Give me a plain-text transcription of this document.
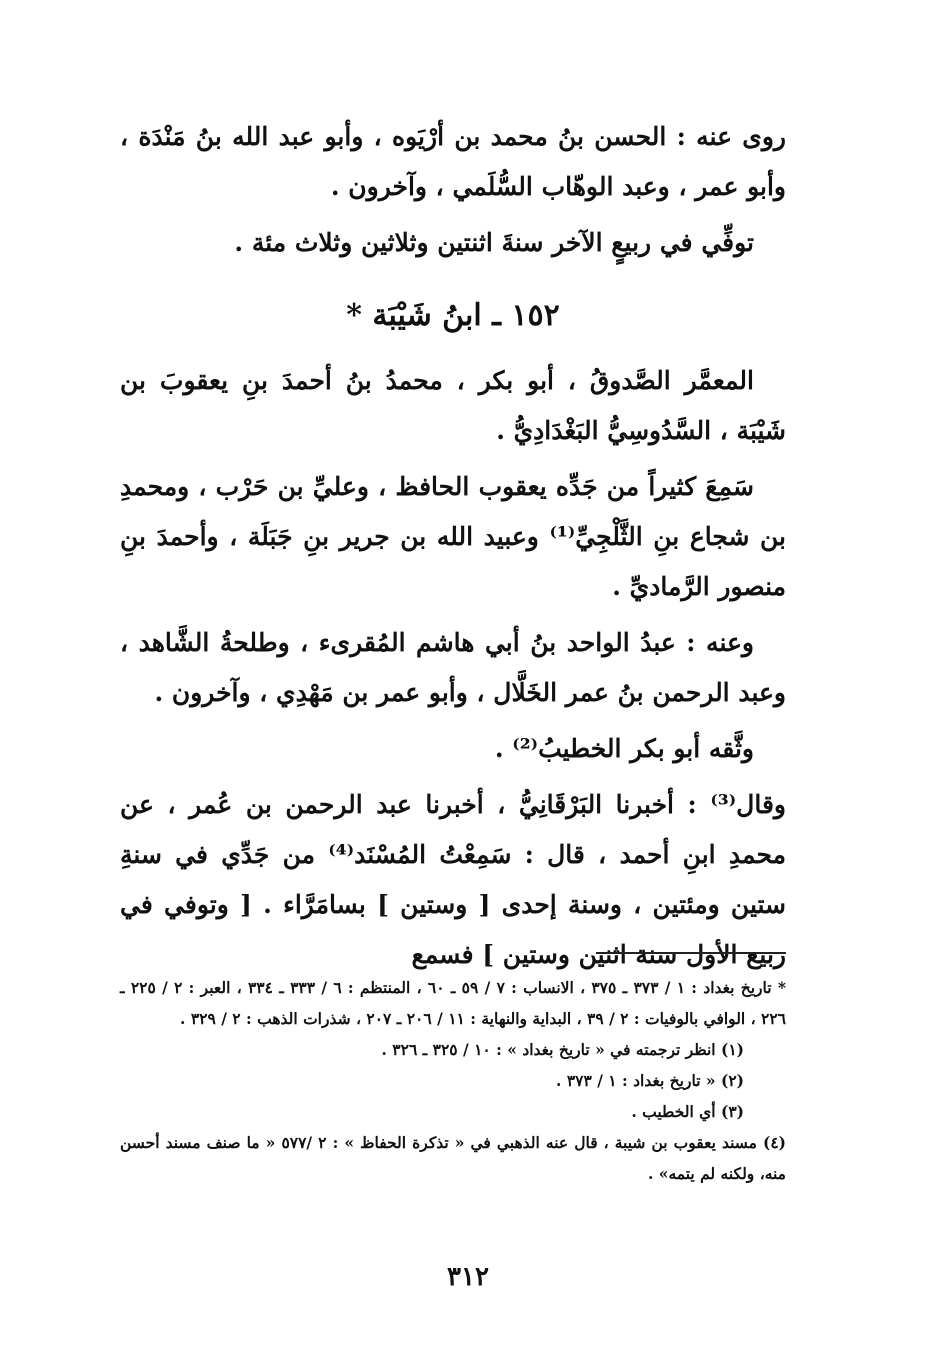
روى عنه : الحسن بنُ محمد بن أرْيَوه ، وأبو عبد الله بنُ مَنْدَة ، وأبو عمر ، وعبد الوهّاب السُّلَمي ، وآخرون .

توفِّي في ربيعٍ الآخر سنةَ اثنتين وثلاثين وثلاث مئة .

١٥٢ ـ ابنُ شَيْبَة *

المعمَّر الصَّدوقُ ، أبو بكر ، محمدُ بنُ أحمدَ بنِ يعقوبَ بن شَيْبَة ، السَّدُوسِيُّ البَغْدَادِيُّ .

سَمِعَ كثيراً من جَدِّه يعقوب الحافظ ، وعليِّ بن حَرْب ، ومحمدِ بن شجاع بنِ الثَّلْجِيِّ⁽¹⁾ وعبيد الله بن جرير بنِ جَبَلَة ، وأحمدَ بنِ منصور الرَّماديِّ .

وعنه : عبدُ الواحد بنُ أبي هاشم المُقرىء ، وطلحةُ الشَّاهد ، وعبد الرحمن بنُ عمر الخَلَّال ، وأبو عمر بن مَهْدِي ، وآخرون .

وثَّقه أبو بكر الخطيبُ⁽²⁾ .

وقال⁽³⁾ : أخبرنا البَرْقَانِيُّ ، أخبرنا عبد الرحمن بن عُمر ، عن محمدِ ابنِ أحمد ، قال : سَمِعْتُ المُسْنَد⁽⁴⁾ من جَدِّي في سنةِ ستين ومئتين ، وسنة إحدى [ وستين ] بسامَرَّاء . [ وتوفي في ربيع الأول سنة اثنين وستين ] فسمع

* تاريخ بغداد : ١ / ٣٧٣ ـ ٣٧٥ ، الانساب : ٧ / ٥٩ ـ ٦٠ ، المنتظم : ٦ / ٣٣٣ ـ ٣٣٤ ، العبر : ٢ / ٢٢٥ ـ ٢٢٦ ، الوافي بالوفيات : ٢ / ٣٩ ، البداية والنهاية : ١١ / ٢٠٦ ـ ٢٠٧ ، شذرات الذهب : ٢ / ٣٢٩ .

(١) انظر ترجمته في « تاريخ بغداد » : ١٠ / ٣٢٥ ـ ٣٢٦ .

(٢) « تاريخ بغداد : ١ / ٣٧٣ .

(٣) أي الخطيب .

(٤) مسند يعقوب بن شيبة ، قال عنه الذهبي في « تذكرة الحفاظ » : ٢ /٥٧٧ « ما صنف مسند أحسن منه، ولكنه لم يتمه» .

٣١٢
